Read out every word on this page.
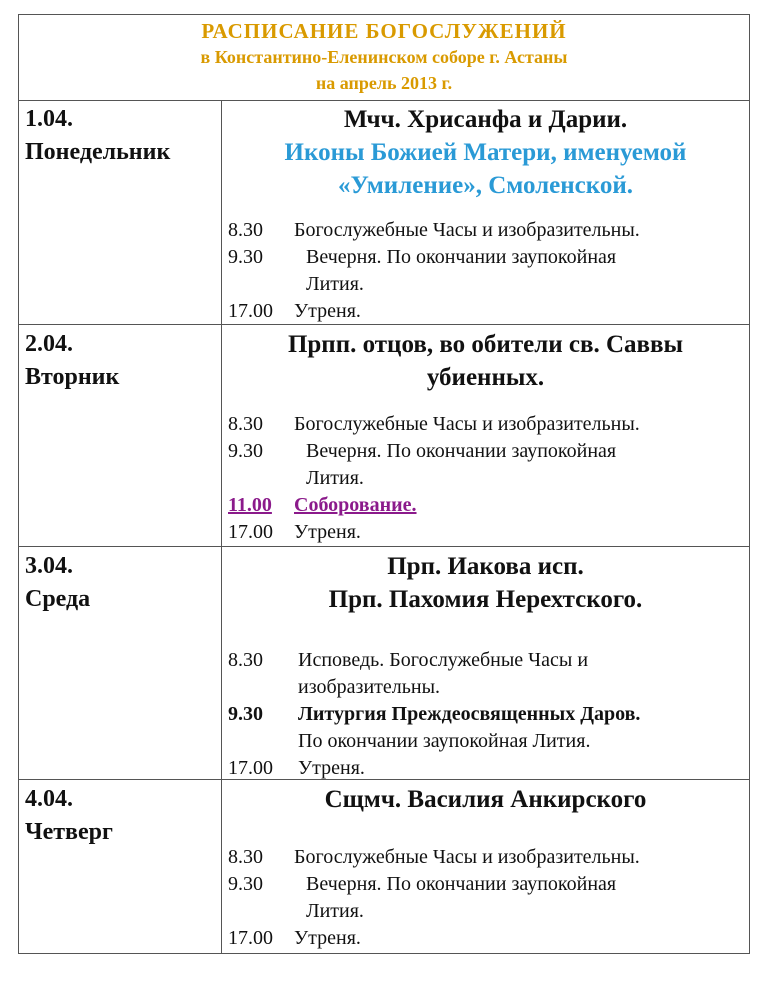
РАСПИСАНИЕ БОГОСЛУЖЕНИЙ
в Константино-Еленинском соборе г. Астаны
на апрель 2013 г.
1.04.
Понедельник
Мчч. Хрисанфа и Дарии.
Иконы Божией Матери, именуемой
«Умиление», Смоленской.
8.30	Богослужебные Часы и изобразительны.
9.30	Вечерня. По окончании заупокойная
Лития.
17.00	Утреня.
2.04.
Вторник
Прпп. отцов, во обители св. Саввы
убиенных.
8.30	Богослужебные Часы и изобразительны.
9.30	Вечерня. По окончании заупокойная
Лития.
11.00	Соборование.
17.00	Утреня.
3.04.
Среда
Прп. Иакова исп.
Прп. Пахомия Нерехтского.
8.30	Исповедь. Богослужебные Часы и
изобразительны.
9.30	Литургия Преждеосвященных Даров.
По окончании заупокойная Лития.
17.00	Утреня.
4.04.
Четверг
Сщмч. Василия Анкирского
8.30	Богослужебные Часы и изобразительны.
9.30	Вечерня. По окончании заупокойная
Лития.
17.00	Утреня.
